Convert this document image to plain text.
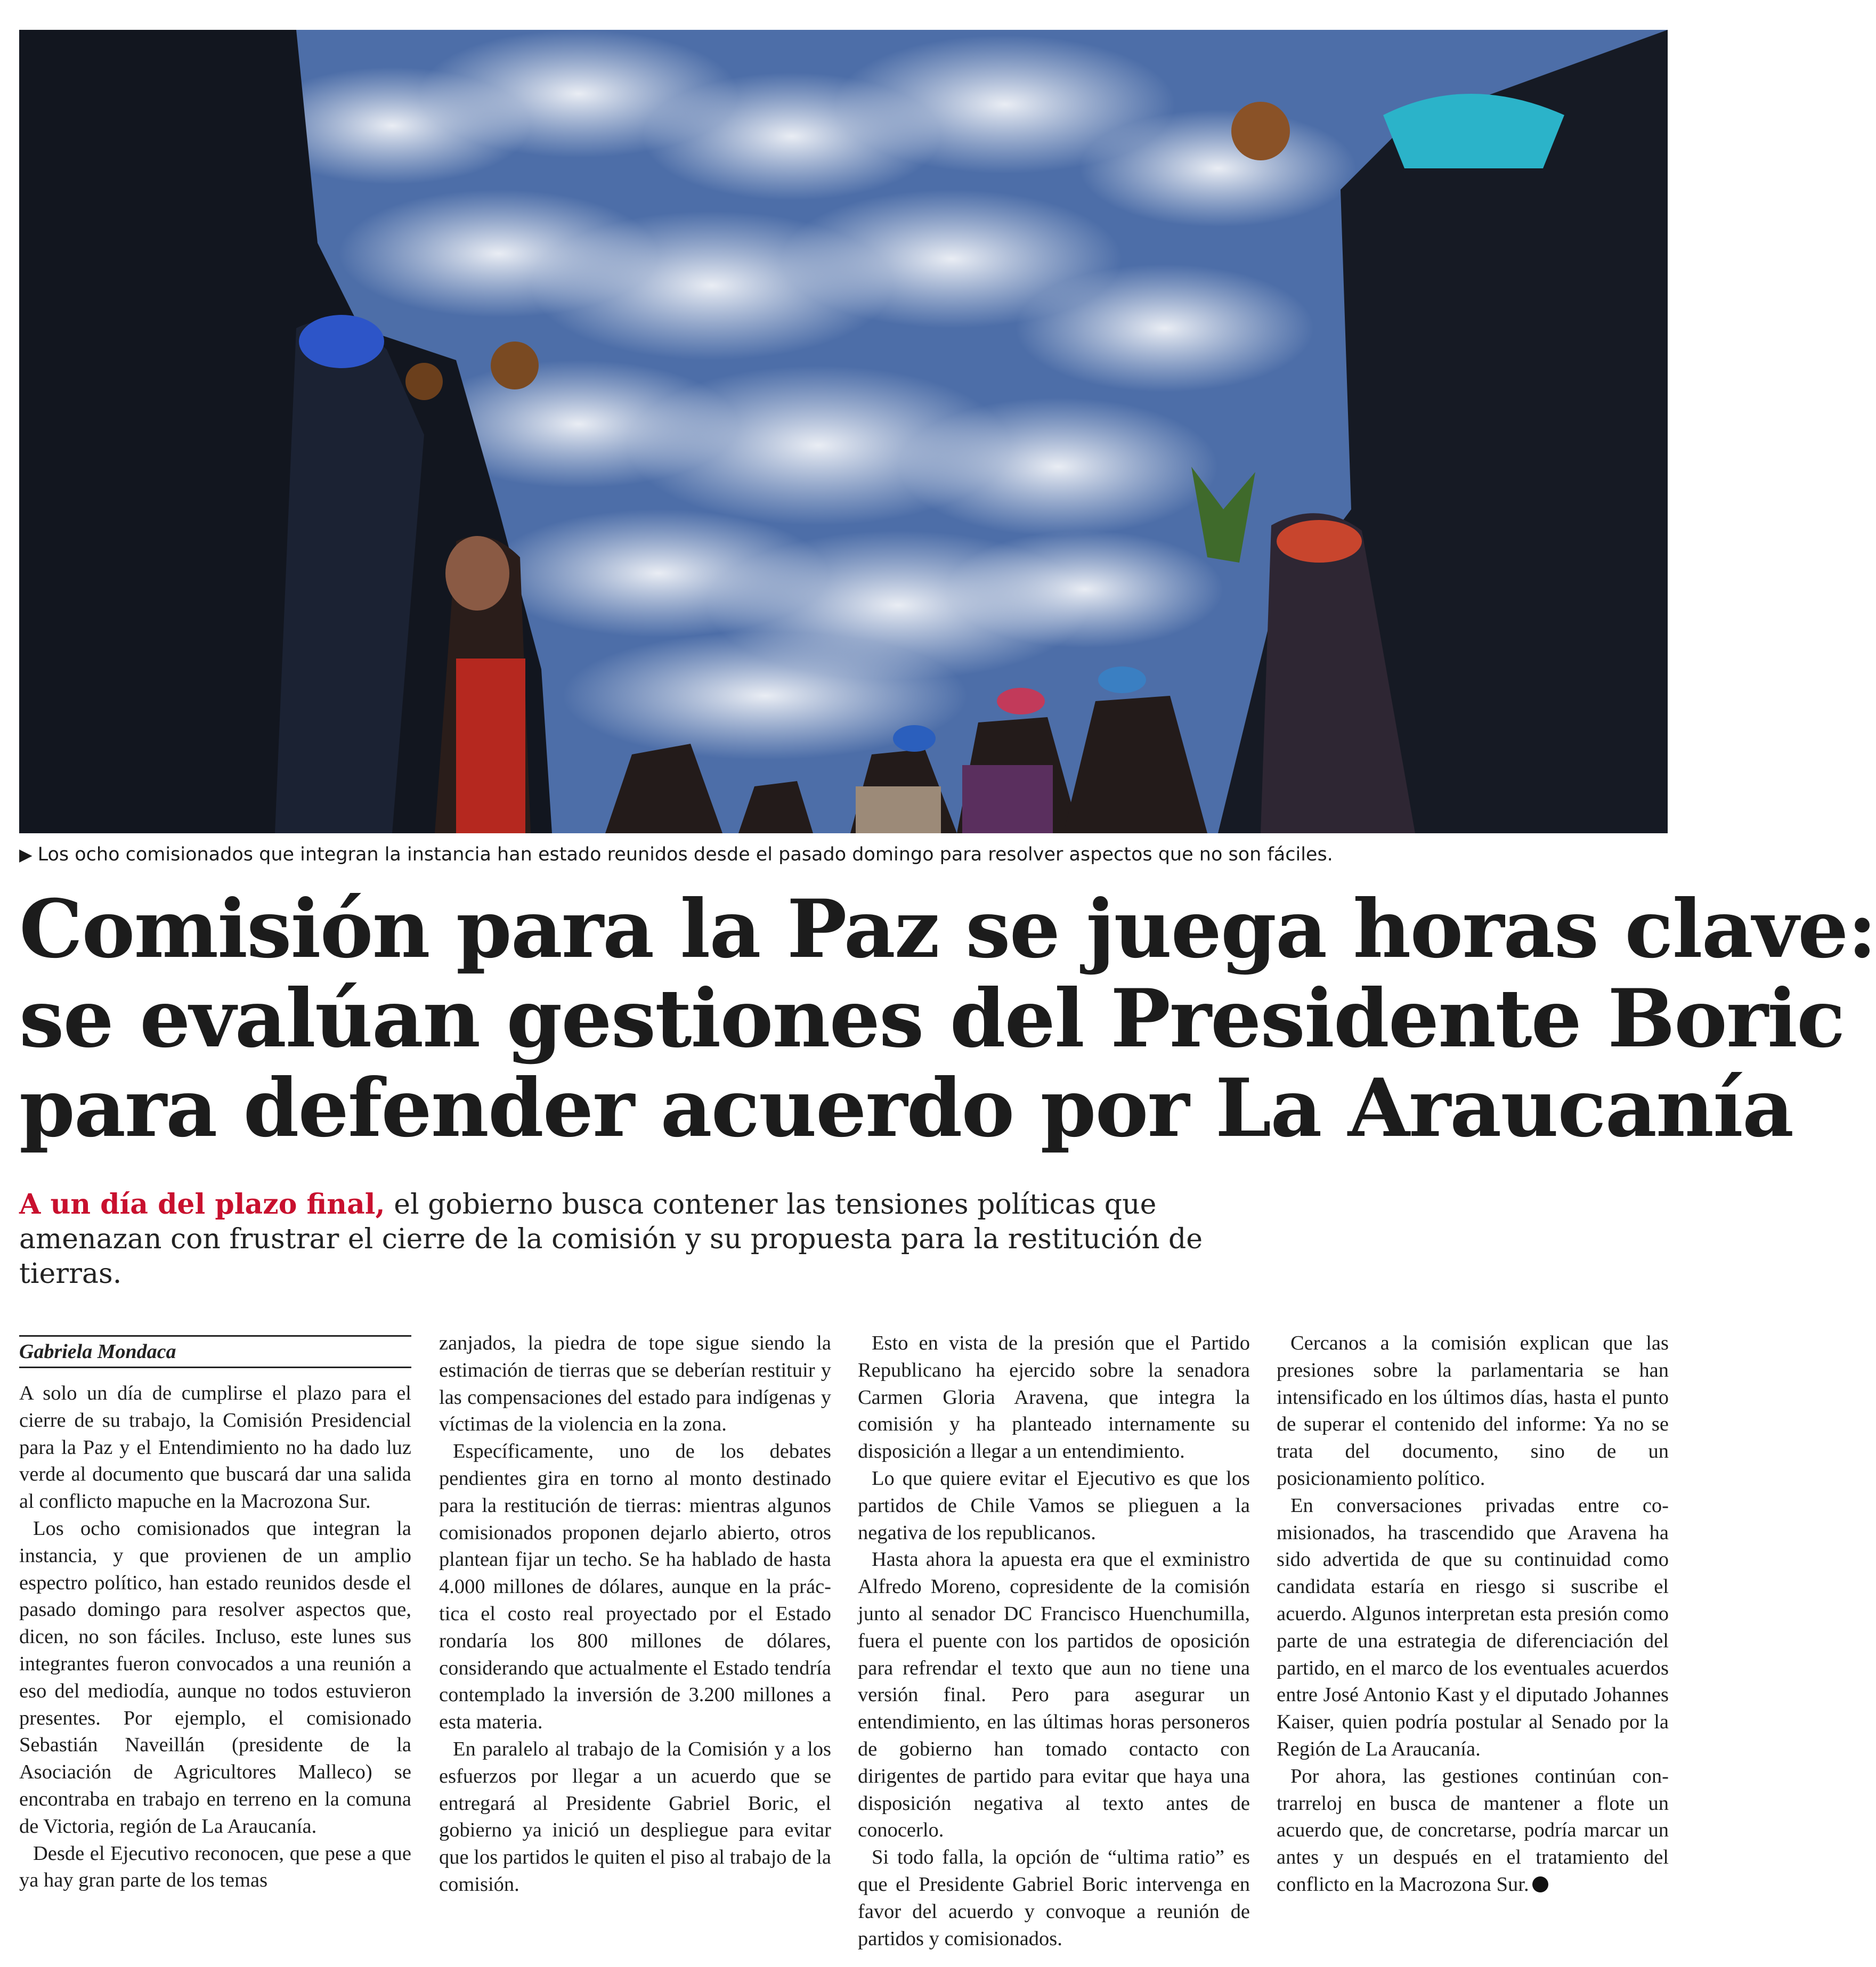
▶ Los ocho comisionados que integran la instancia han estado reunidos desde el pasado domingo para resolver aspectos que no son fáciles.
Comisión para la Paz se juega horas clave:
se evalúan gestiones del Presidente Boric
para defender acuerdo por La Araucanía
A un día del plazo final, el gobierno busca contener las tensiones políticas que amenazan con frustrar el cierre de la comisión y su propuesta para la restitución de tierras.
Gabriela Mondaca

A solo un día de cumplirse el plazo para el cierre de su trabajo, la Comisión Presidencial para la Paz y el Entendimiento no ha dado luz verde al documento que buscará dar una salida al conflicto mapuche en la Macrozona Sur.

Los ocho comisionados que integran la instancia, y que provienen de un amplio espectro político, han estado reunidos desde el pasado domingo para resolver aspectos que, dicen, no son fáciles. Incluso, este lunes sus integrantes fueron convocados a una reunión a eso del mediodía, aunque no todos estuvieron presentes. Por ejemplo, el comisionado Sebastián Naveillán (presidente de la Asociación de Agricultores Malleco) se encontraba en trabajo en terreno en la comuna de Victoria, región de La Araucanía.

Desde el Ejecutivo reconocen, que pese a que ya hay gran parte de los temas

zanjados, la piedra de tope sigue siendo la estimación de tierras que se deberían restituir y las compensaciones del estado para indígenas y víctimas de la violencia en la zona.

Específicamente, uno de los debates pendientes gira en torno al monto destinado para la restitución de tierras: mientras algunos comisionados proponen dejarlo abierto, otros plantean fijar un techo. Se ha hablado de hasta 4.000 millones de dólares, aunque en la práctica el costo real proyectado por el Estado rondaría los 800 millones de dólares, considerando que actualmente el Estado tendría contemplado la inversión de 3.200 millones a esta materia.

En paralelo al trabajo de la Comisión y a los esfuerzos por llegar a un acuerdo que se entregará al Presidente Gabriel Boric, el gobierno ya inició un despliegue para evitar que los partidos le quiten el piso al trabajo de la comisión.

Esto en vista de la presión que el Partido Republicano ha ejercido sobre la senadora Carmen Gloria Aravena, que integra la comisión y ha planteado internamente su disposición a llegar a un entendimiento.

Lo que quiere evitar el Ejecutivo es que los partidos de Chile Vamos se plieguen a la negativa de los republicanos.

Hasta ahora la apuesta era que el exministro Alfredo Moreno, copresidente de la comisión junto al senador DC Francisco Huenchumilla, fuera el puente con los partidos de oposición para refrendar el texto que aun no tiene una versión final. Pero para asegurar un entendimiento, en las últimas horas personeros de gobierno han tomado contacto con dirigentes de partido para evitar que haya una disposición negativa al texto antes de conocerlo.

Si todo falla, la opción de “ultima ratio” es que el Presidente Gabriel Boric intervenga en favor del acuerdo y convoque a reunión de partidos y comisionados.

Cercanos a la comisión explican que las presiones sobre la parlamentaria se han intensificado en los últimos días, hasta el punto de superar el contenido del informe: Ya no se trata del documento, sino de un posicionamiento político.

En conversaciones privadas entre comisionados, ha trascendido que Aravena ha sido advertida de que su continuidad como candidata estaría en riesgo si suscribe el acuerdo. Algunos interpretan esta presión como parte de una estrategia de diferenciación del partido, en el marco de los eventuales acuerdos entre José Antonio Kast y el diputado Johannes Kaiser, quien podría postular al Senado por la Región de La Araucanía.

Por ahora, las gestiones continúan contrarreloj en busca de mantener a flote un acuerdo que, de concretarse, podría marcar un antes y un después en el tratamiento del conflicto en la Macrozona Sur.
